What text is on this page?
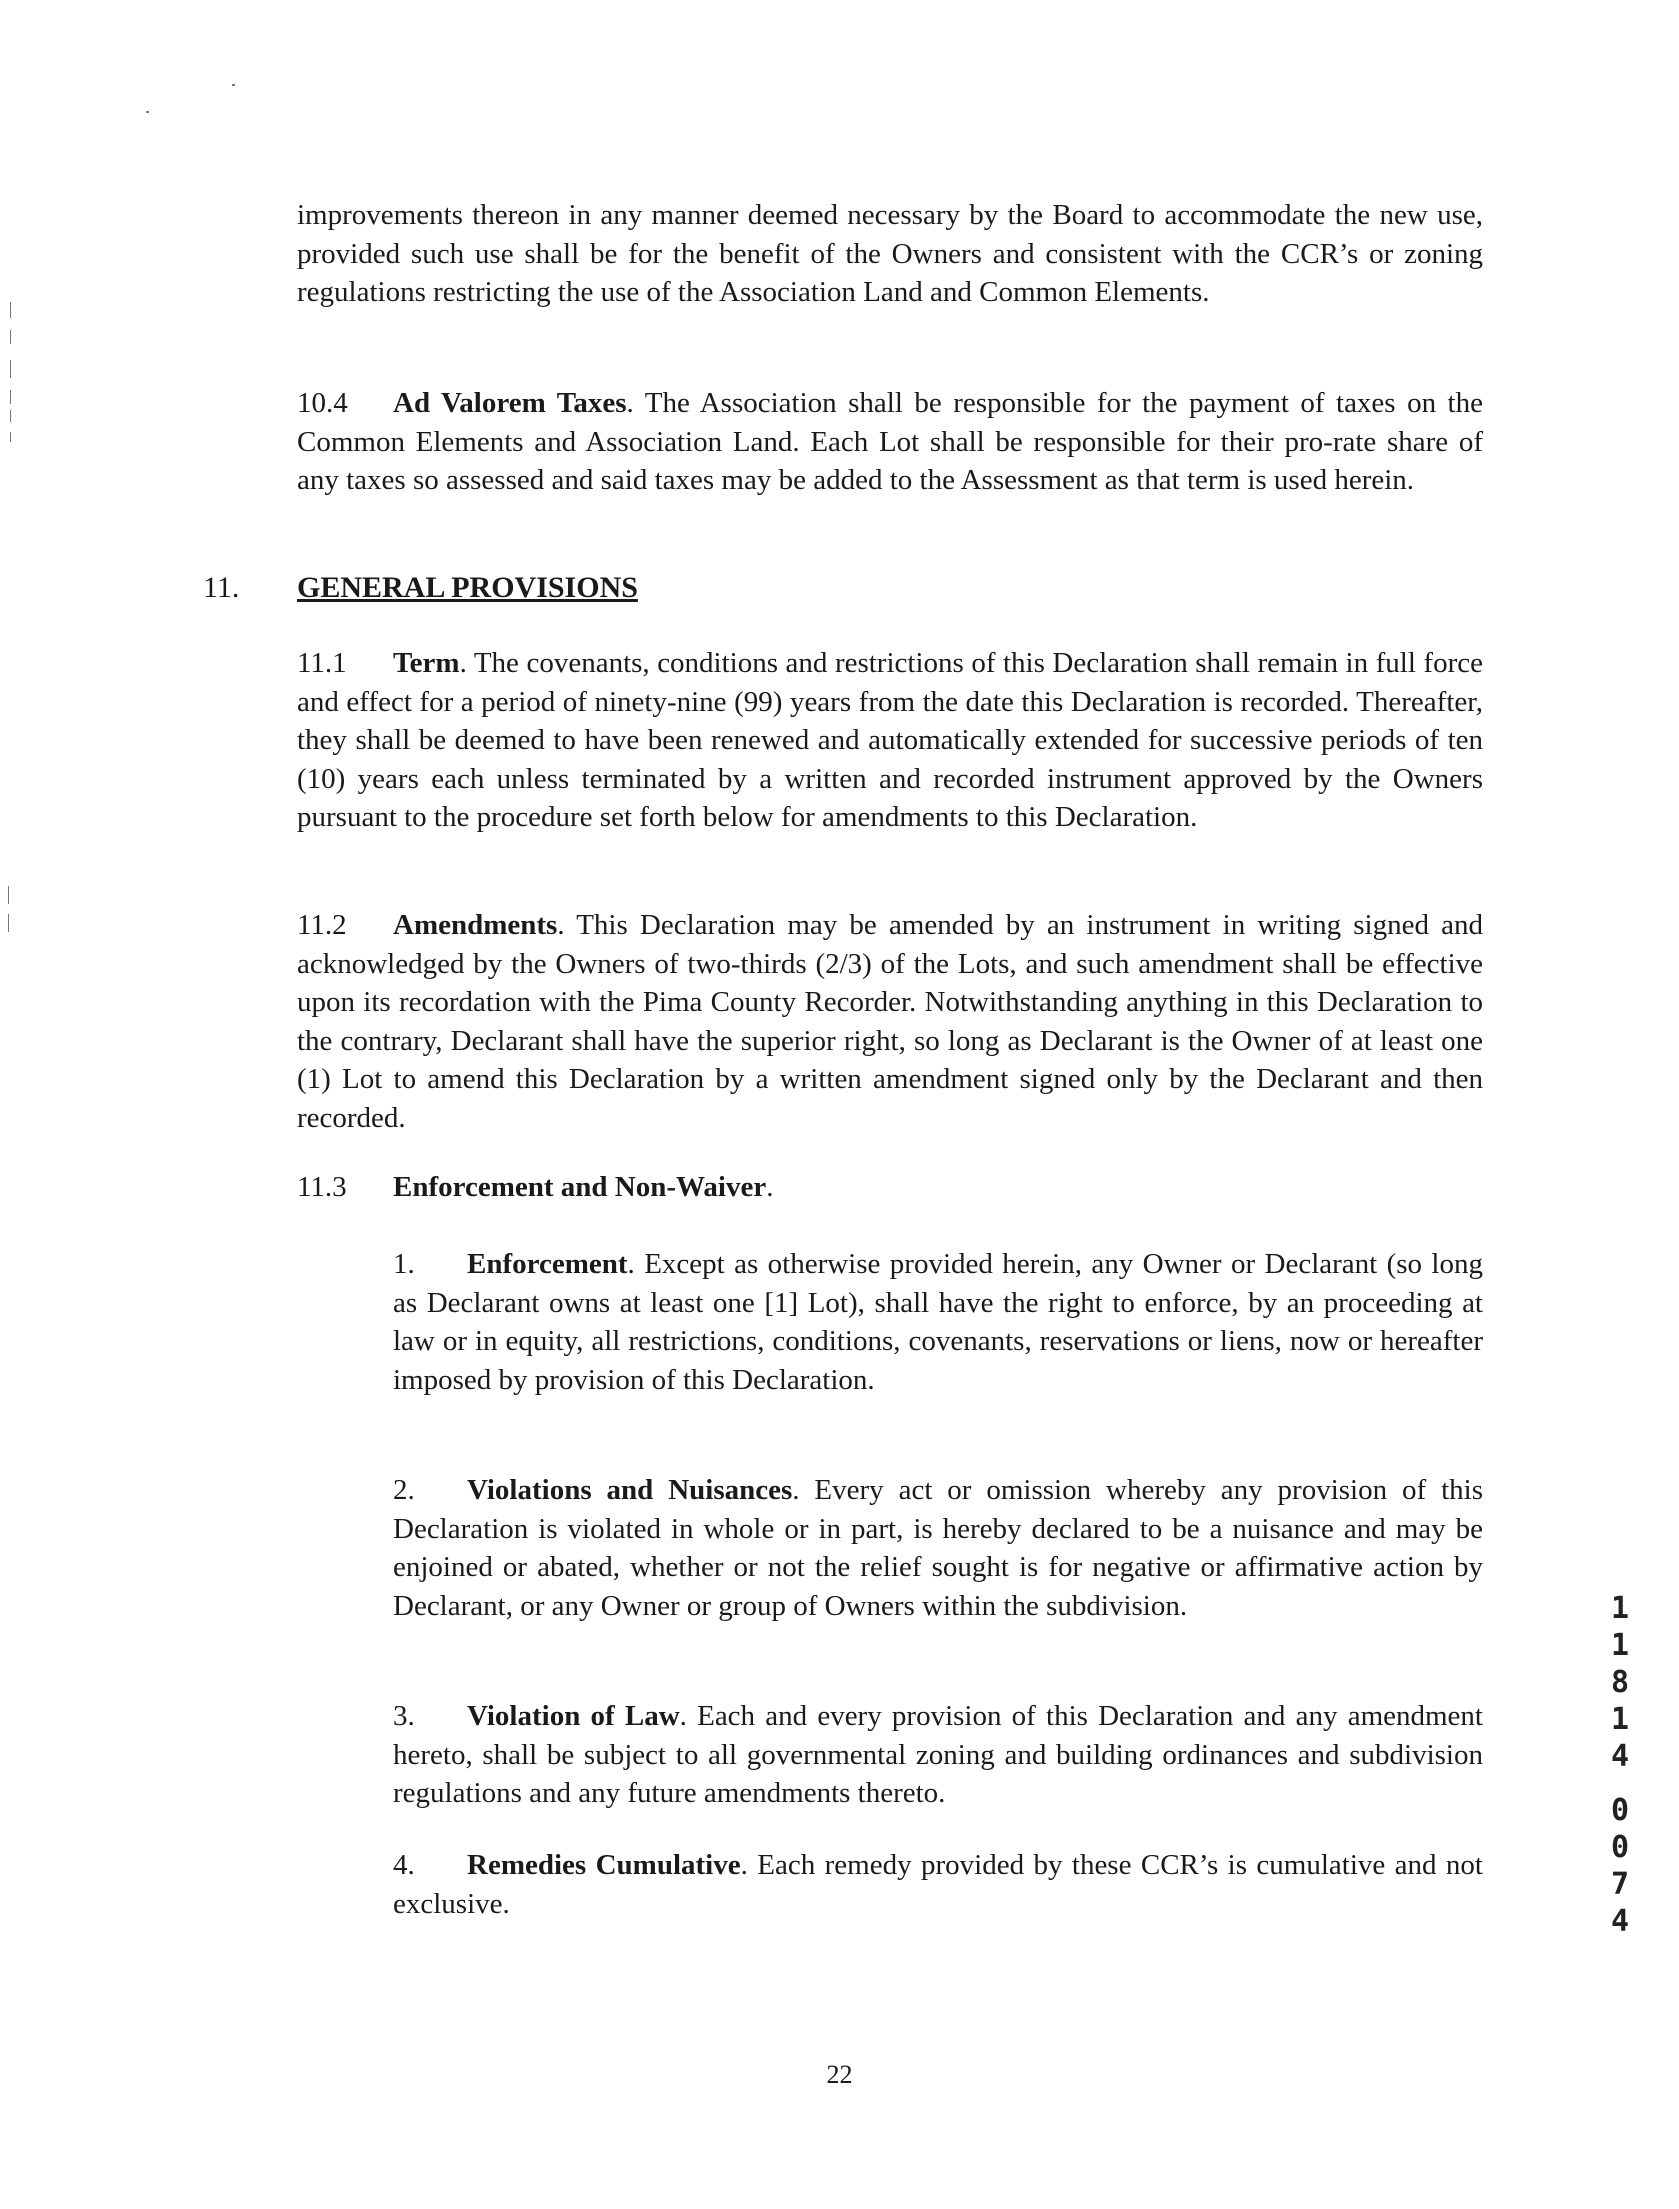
improvements thereon in any manner deemed necessary by the Board to accommodate the new use, provided such use shall be for the benefit of the Owners and consistent with the CCR’s or zoning regulations restricting the use of the Association Land and Common Elements.

10.4 Ad Valorem Taxes. The Association shall be responsible for the payment of taxes on the Common Elements and Association Land. Each Lot shall be responsible for their pro-rate share of any taxes so assessed and said taxes may be added to the Assessment as that term is used herein.

11. GENERAL PROVISIONS

11.1 Term. The covenants, conditions and restrictions of this Declaration shall remain in full force and effect for a period of ninety-nine (99) years from the date this Declaration is recorded. Thereafter, they shall be deemed to have been renewed and automatically extended for successive periods of ten (10) years each unless terminated by a written and recorded instrument approved by the Owners pursuant to the procedure set forth below for amendments to this Declaration.

11.2 Amendments. This Declaration may be amended by an instrument in writing signed and acknowledged by the Owners of two-thirds (2/3) of the Lots, and such amendment shall be effective upon its recordation with the Pima County Recorder. Notwithstanding anything in this Declaration to the contrary, Declarant shall have the superior right, so long as Declarant is the Owner of at least one (1) Lot to amend this Declaration by a written amendment signed only by the Declarant and then recorded.

11.3 Enforcement and Non-Waiver.

1. Enforcement. Except as otherwise provided herein, any Owner or Declarant (so long as Declarant owns at least one [1] Lot), shall have the right to enforce, by an proceeding at law or in equity, all restrictions, conditions, covenants, reservations or liens, now or hereafter imposed by provision of this Declaration.

2. Violations and Nuisances. Every act or omission whereby any provision of this Declaration is violated in whole or in part, is hereby declared to be a nuisance and may be enjoined or abated, whether or not the relief sought is for negative or affirmative action by Declarant, or any Owner or group of Owners within the subdivision.

3. Violation of Law. Each and every provision of this Declaration and any amendment hereto, shall be subject to all governmental zoning and building ordinances and subdivision regulations and any future amendments thereto.

4. Remedies Cumulative. Each remedy provided by these CCR’s is cumulative and not exclusive.

1
1
8
1
4
0
0
7
4
22
